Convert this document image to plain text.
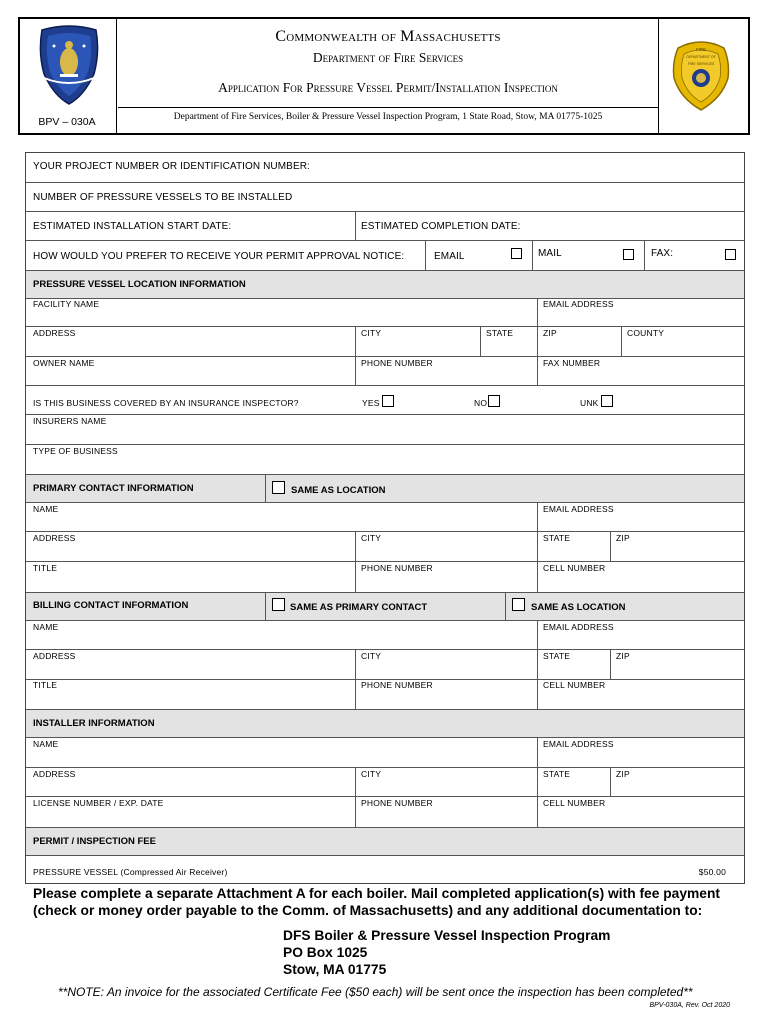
BPV – 030A
Commonwealth of Massachusetts
Department of Fire Services
Application For Pressure Vessel Permit/Installation Inspection
Department of Fire Services, Boiler & Pressure Vessel Inspection Program, 1 State Road, Stow, MA 01775-1025
FIRE
DEPARTMENT OF
FIRE SERVICES
YOUR PROJECT NUMBER OR IDENTIFICATION NUMBER:
NUMBER OF PRESSURE VESSELS TO BE INSTALLED
ESTIMATED INSTALLATION START DATE:	ESTIMATED COMPLETION DATE:
HOW WOULD YOU PREFER TO RECEIVE YOUR PERMIT APPROVAL NOTICE:	EMAIL	MAIL	FAX:
PRESSURE VESSEL LOCATION INFORMATION
FACILITY NAME	EMAIL ADDRESS
ADDRESS	CITY	STATE	ZIP	COUNTY
OWNER NAME	PHONE NUMBER	FAX NUMBER
IS THIS BUSINESS COVERED BY AN INSURANCE INSPECTOR?	YES	NO	UNK
INSURERS NAME
TYPE OF BUSINESS
PRIMARY CONTACT INFORMATION	SAME AS LOCATION
NAME	EMAIL ADDRESS
ADDRESS	CITY	STATE	ZIP
TITLE	PHONE NUMBER	CELL NUMBER
BILLING CONTACT INFORMATION	SAME AS PRIMARY CONTACT	SAME AS LOCATION
NAME	EMAIL ADDRESS
ADDRESS	CITY	STATE	ZIP
TITLE	PHONE NUMBER	CELL NUMBER
INSTALLER INFORMATION
NAME	EMAIL ADDRESS
ADDRESS	CITY	STATE	ZIP
LICENSE NUMBER / EXP. DATE	PHONE NUMBER	CELL NUMBER
PERMIT / INSPECTION FEE
PRESSURE VESSEL (Compressed Air Receiver)	$50.00
Please complete a separate Attachment A for each boiler. Mail completed application(s) with fee payment (check or money order payable to the Comm. of Massachusetts) and any additional documentation to:
DFS Boiler & Pressure Vessel Inspection Program
PO Box 1025
Stow, MA 01775
**NOTE: An invoice for the associated Certificate Fee ($50 each) will be sent once the inspection has been completed**
BPV-030A, Rev. Oct 2020
